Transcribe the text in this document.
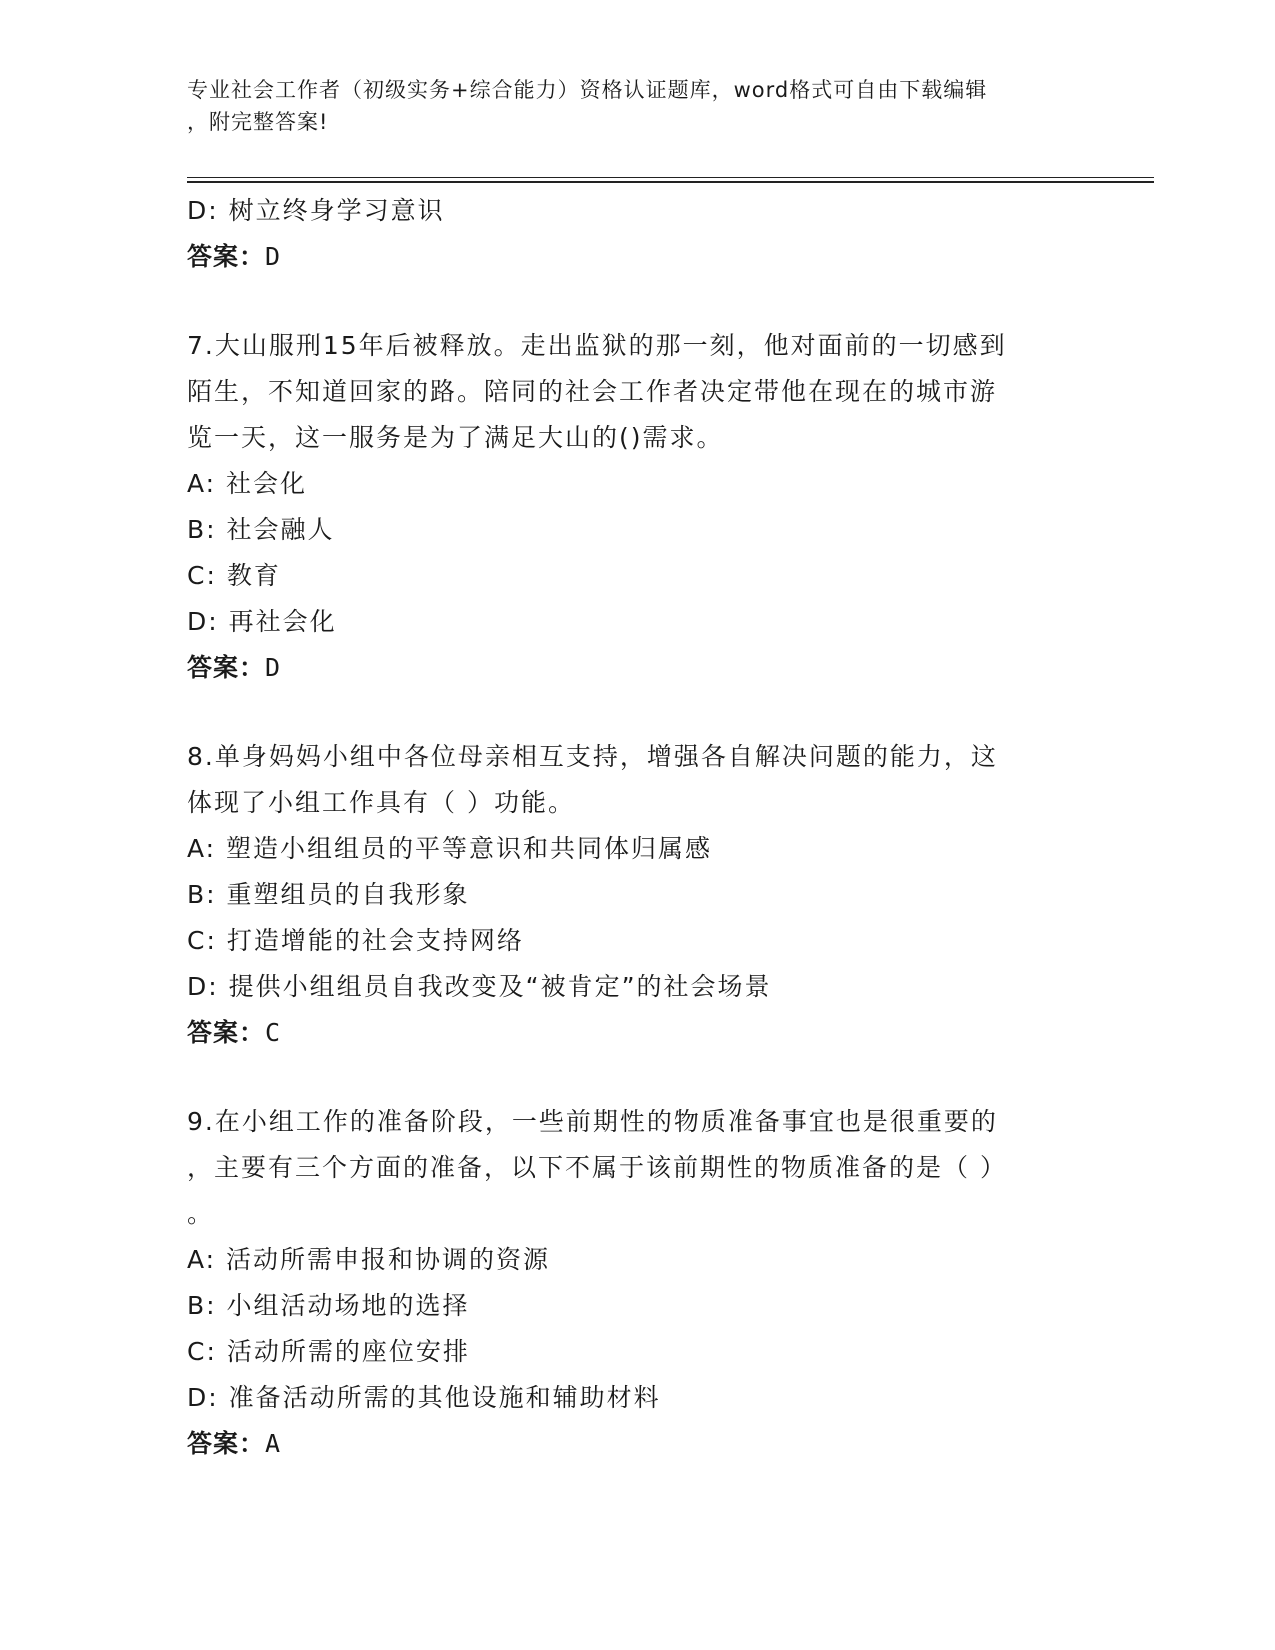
专业社会工作者（初级实务+综合能力）资格认证题库，word格式可自由下载编辑
，附完整答案!
D: 树立终身学习意识
答案：D
7.大山服刑15年后被释放。走出监狱的那一刻，他对面前的一切感到
陌生，不知道回家的路。陪同的社会工作者决定带他在现在的城市游
览一天，这一服务是为了满足大山的()需求。
A: 社会化
B: 社会融人
C: 教育
D: 再社会化
答案：D
8.单身妈妈小组中各位母亲相互支持，增强各自解决问题的能力，这
体现了小组工作具有（ ）功能。
A: 塑造小组组员的平等意识和共同体归属感
B: 重塑组员的自我形象
C: 打造增能的社会支持网络
D: 提供小组组员自我改变及“被肯定”的社会场景
答案：C
9.在小组工作的准备阶段，一些前期性的物质准备事宜也是很重要的
，主要有三个方面的准备，以下不属于该前期性的物质准备的是（ ）
。
A: 活动所需申报和协调的资源
B: 小组活动场地的选择
C: 活动所需的座位安排
D: 准备活动所需的其他设施和辅助材料
答案：A
